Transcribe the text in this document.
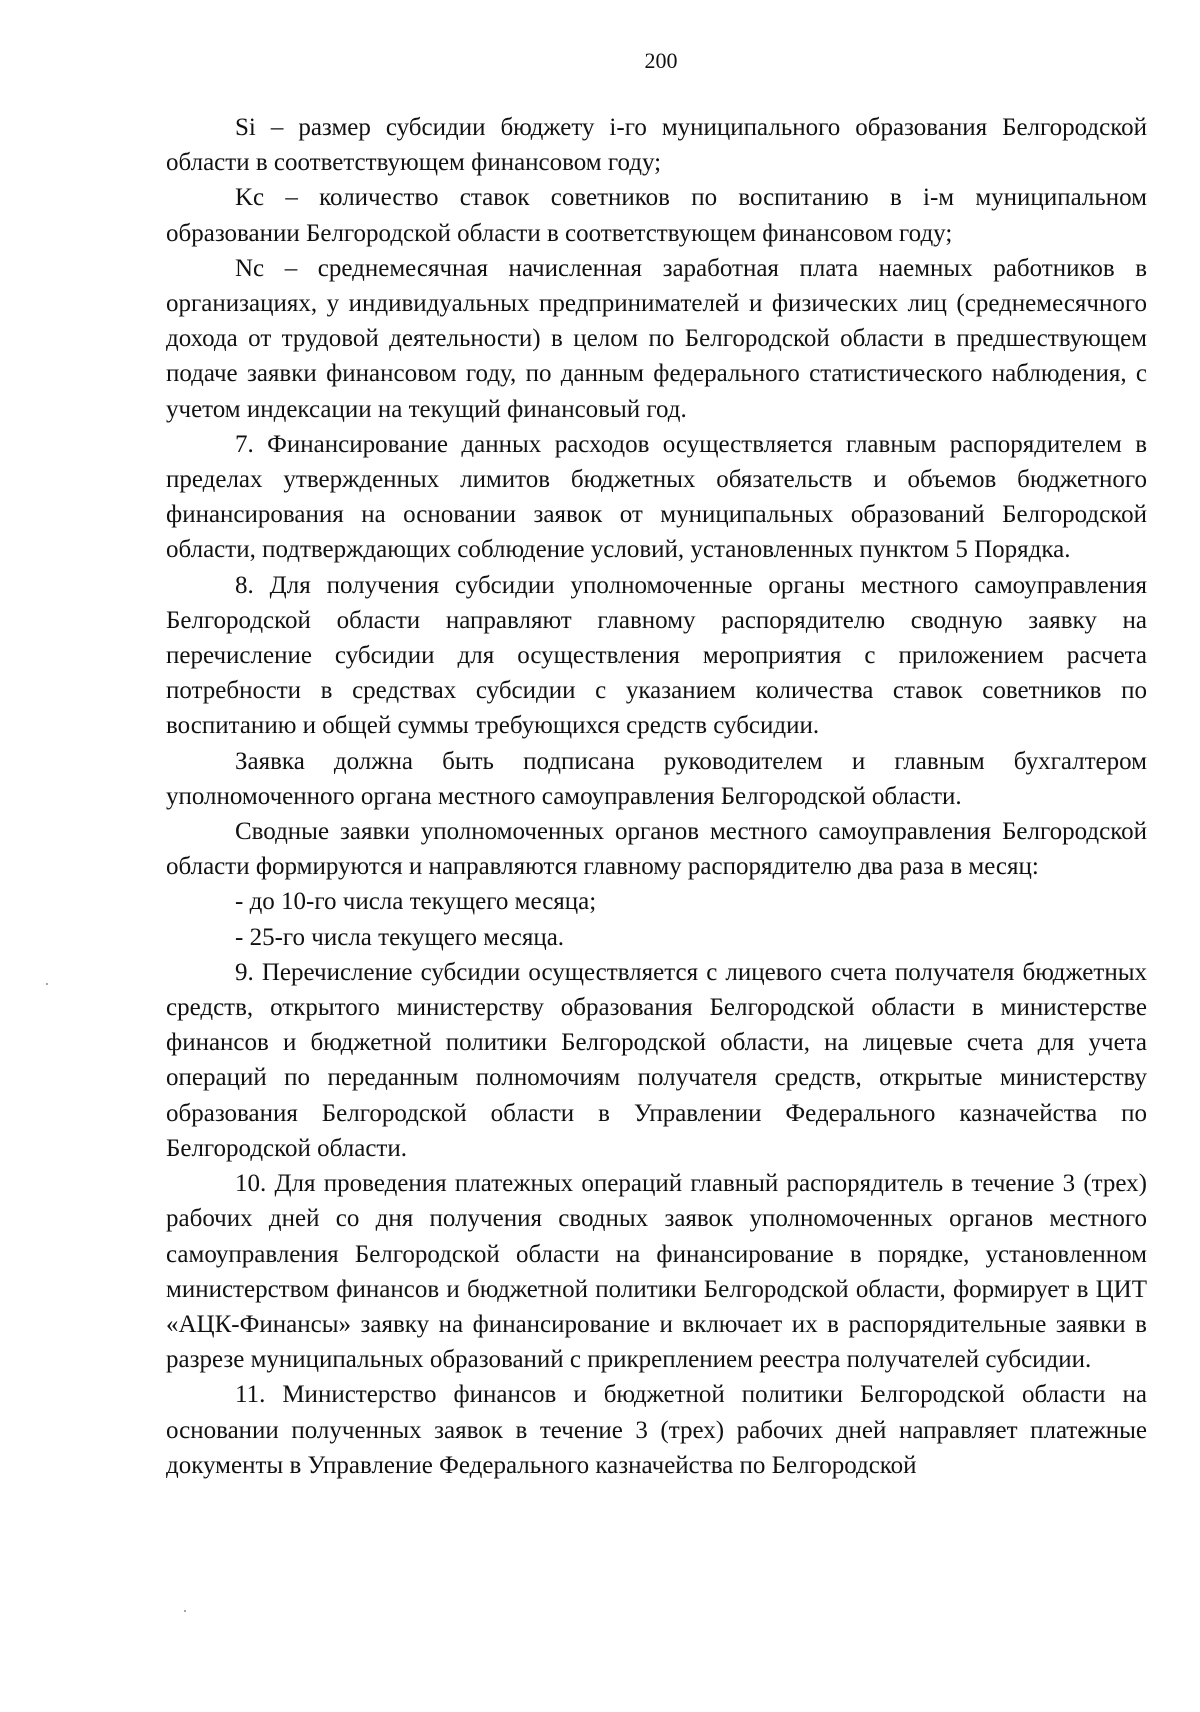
200

Si – размер субсидии бюджету i-го муниципального образования Белгородской области в соответствующем финансовом году;

Kc – количество ставок советников по воспитанию в i-м муниципальном образовании Белгородской области в соответствующем финансовом году;

Nc – среднемесячная начисленная заработная плата наемных работников в организациях, у индивидуальных предпринимателей и физических лиц (среднемесячного дохода от трудовой деятельности) в целом по Белгородской области в предшествующем подаче заявки финансовом году, по данным федерального статистического наблюдения, с учетом индексации на текущий финансовый год.

7. Финансирование данных расходов осуществляется главным распорядителем в пределах утвержденных лимитов бюджетных обязательств и объемов бюджетного финансирования на основании заявок от муниципальных образований Белгородской области, подтверждающих соблюдение условий, установленных пунктом 5 Порядка.

8. Для получения субсидии уполномоченные органы местного самоуправления Белгородской области направляют главному распорядителю сводную заявку на перечисление субсидии для осуществления мероприятия с приложением расчета потребности в средствах субсидии с указанием количества ставок советников по воспитанию и общей суммы требующихся средств субсидии.

Заявка должна быть подписана руководителем и главным бухгалтером уполномоченного органа местного самоуправления Белгородской области.

Сводные заявки уполномоченных органов местного самоуправления Белгородской области формируются и направляются главному распорядителю два раза в месяц:

- до 10-го числа текущего месяца;

- 25-го числа текущего месяца.

9. Перечисление субсидии осуществляется с лицевого счета получателя бюджетных средств, открытого министерству образования Белгородской области в министерстве финансов и бюджетной политики Белгородской области, на лицевые счета для учета операций по переданным полномочиям получателя средств, открытые министерству образования Белгородской области в Управлении Федерального казначейства по Белгородской области.

10. Для проведения платежных операций главный распорядитель в течение 3 (трех) рабочих дней со дня получения сводных заявок уполномоченных органов местного самоуправления Белгородской области на финансирование в порядке, установленном министерством финансов и бюджетной политики Белгородской области, формирует в ЦИТ «АЦК-Финансы» заявку на финансирование и включает их в распорядительные заявки в разрезе муниципальных образований с прикреплением реестра получателей субсидии.

11. Министерство финансов и бюджетной политики Белгородской области на основании полученных заявок в течение 3 (трех) рабочих дней направляет платежные документы в Управление Федерального казначейства по Белгородской
